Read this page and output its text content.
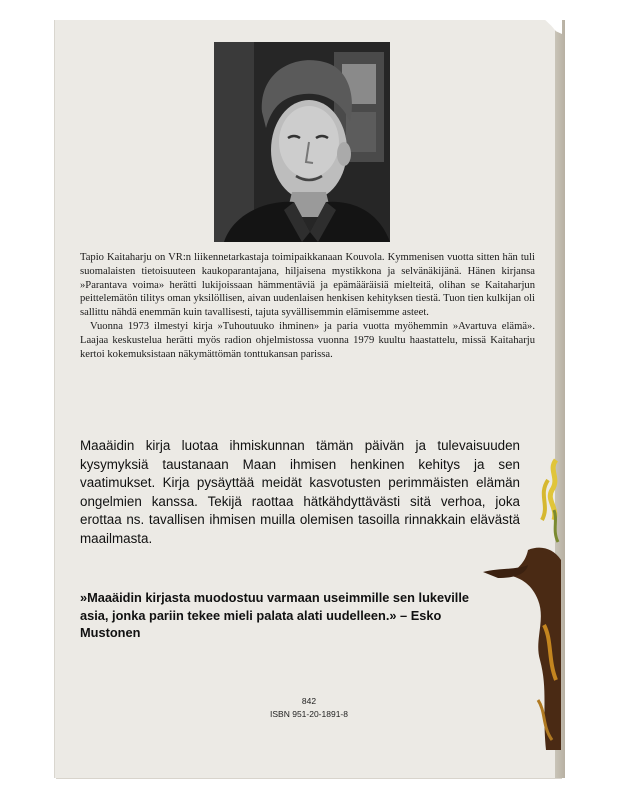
Tapio Kaitaharju on VR:n liikennetarkastaja toimipaikkanaan Kouvola. Kymmenisen vuotta sitten hän tuli suomalaisten tietoisuuteen kaukoparantajana, hiljaisena mystikkona ja selvänäkijänä. Hänen kirjansa »Parantava voima» herätti lukijoissaan hämmentäviä ja epämääräisiä mielteitä, olihan se Kaitaharjun peittelemätön tilitys oman yksilöllisen, aivan uudenlaisen henkisen kehityksen tiestä. Tuon tien kulkijan oli sallittu nähdä enemmän kuin tavallisesti, tajuta syvällisemmin elämisemme asteet.

Vuonna 1973 ilmestyi kirja »Tuhoutuuko ihminen» ja paria vuotta myöhemmin »Avartuva elämä». Laajaa keskustelua herätti myös radion ohjelmistossa vuonna 1979 kuultu haastattelu, missä Kaitaharju kertoi kokemuksistaan näkymättömän tonttukansan parissa.

Maaäidin kirja luotaa ihmiskunnan tämän päivän ja tulevaisuuden kysymyksiä taustanaan Maan ihmisen henkinen kehitys ja sen vaatimukset. Kirja pysäyttää meidät kasvotusten perimmäisten elämän ongelmien kanssa. Tekijä raottaa hätkähdyttävästi sitä verhoa, joka erottaa ns. tavallisen ihmisen muilla olemisen tasoilla rinnakkain elävästä maailmasta.
»Maaäidin kirjasta muodostuu varmaan useimmille sen lukeville asia, jonka pariin tekee mieli palata alati uudelleen.» – Esko Mustonen
842
ISBN 951-20-1891-8
